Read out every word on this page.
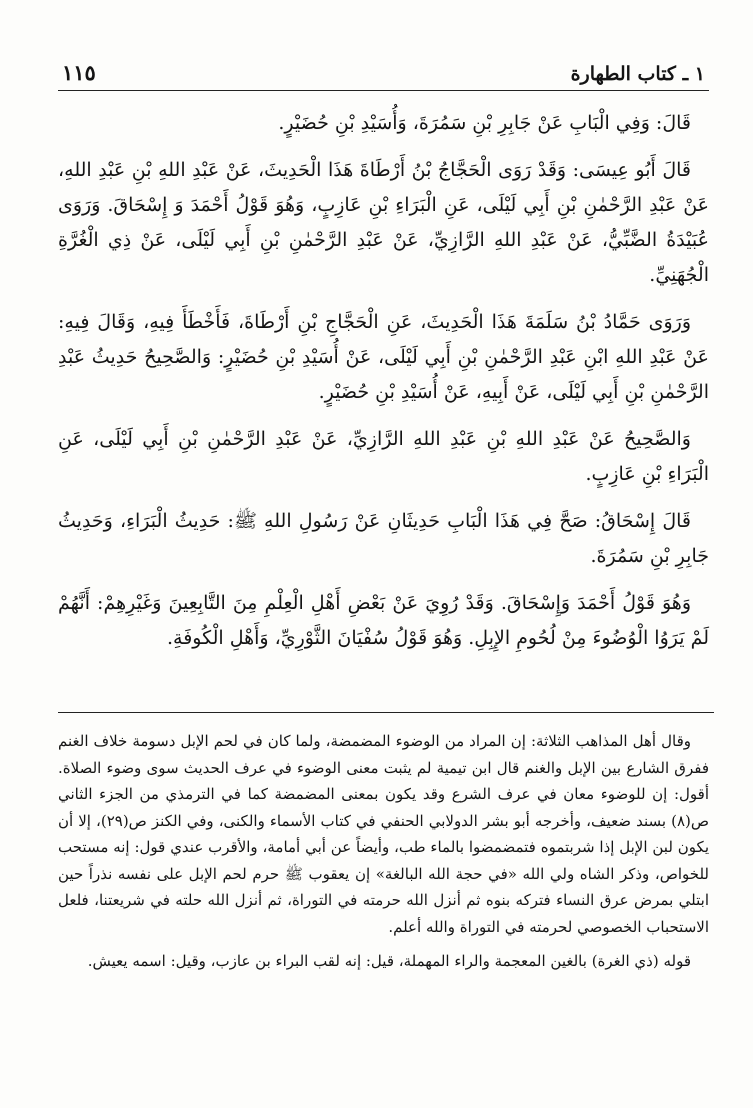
١١٥	١ ـ كتاب الطهارة

قَالَ: وَفِي الْبَابِ عَنْ جَابِرِ بْنِ سَمُرَةَ، وَأُسَيْدِ بْنِ حُضَيْرٍ.

قَالَ أَبُو عِيسَى: وَقَدْ رَوَى الْحَجَّاجُ بْنُ أَرْطَاةَ هَذَا الْحَدِيثَ، عَنْ عَبْدِ اللهِ بْنِ عَبْدِ اللهِ، عَنْ عَبْدِ الرَّحْمٰنِ بْنِ أَبِي لَيْلَى، عَنِ الْبَرَاءِ بْنِ عَازِبٍ، وَهُوَ قَوْلُ أَحْمَدَ وَ إِسْحَاقَ. وَرَوَى عُبَيْدَةُ الضَّبِّيُّ، عَنْ عَبْدِ اللهِ الرَّازِيِّ، عَنْ عَبْدِ الرَّحْمٰنِ بْنِ أَبِي لَيْلَى، عَنْ ذِي الْغُرَّةِ الْجُهَنِيِّ.

وَرَوَى حَمَّادُ بْنُ سَلَمَةَ هَذَا الْحَدِيثَ، عَنِ الْحَجَّاجِ بْنِ أَرْطَاةَ، فَأَخْطَأَ فِيهِ، وَقَالَ فِيهِ: عَنْ عَبْدِ اللهِ ابْنِ عَبْدِ الرَّحْمٰنِ بْنِ أَبِي لَيْلَى، عَنْ أُسَيْدِ بْنِ حُضَيْرٍ: وَالصَّحِيحُ حَدِيثُ عَبْدِ الرَّحْمٰنِ بْنِ أَبِي لَيْلَى، عَنْ أَبِيهِ، عَنْ أُسَيْدِ بْنِ حُضَيْرٍ.

وَالصَّحِيحُ عَنْ عَبْدِ اللهِ بْنِ عَبْدِ اللهِ الرَّازِيِّ، عَنْ عَبْدِ الرَّحْمٰنِ بْنِ أَبِي لَيْلَى، عَنِ الْبَرَاءِ بْنِ عَازِبٍ.

قَالَ إِسْحَاقُ: صَحَّ فِي هَذَا الْبَابِ حَدِيثَانِ عَنْ رَسُولِ اللهِ ﷺ: حَدِيثُ الْبَرَاءِ، وَحَدِيثُ جَابِرِ بْنِ سَمُرَةَ.

وَهُوَ قَوْلُ أَحْمَدَ وَإِسْحَاقَ. وَقَدْ رُوِيَ عَنْ بَعْضِ أَهْلِ الْعِلْمِ مِنَ التَّابِعِينَ وَغَيْرِهِمْ: أَنَّهُمْ لَمْ يَرَوُا الْوُضُوءَ مِنْ لُحُومِ الإِبِلِ. وَهُوَ قَوْلُ سُفْيَانَ الثَّوْرِيِّ، وَأَهْلِ الْكُوفَةِ.

وقال أهل المذاهب الثلاثة: إن المراد من الوضوء المضمضة، ولما كان في لحم الإبل دسومة خلاف الغنم ففرق الشارع بين الإبل والغنم قال ابن تيمية لم يثبت معنى الوضوء في عرف الحديث سوى وضوء الصلاة. أقول: إن للوضوء معان في عرف الشرع وقد يكون بمعنى المضمضة كما في الترمذي من الجزء الثاني ص(٨) بسند ضعيف، وأخرجه أبو بشر الدولابي الحنفي في كتاب الأسماء والكنى، وفي الكنز ص(٢٩)، إلا أن يكون لبن الإبل إذا شربتموه فتمضمضوا بالماء طب، وأيضاً عن أبي أمامة، والأقرب عندي قول: إنه مستحب للخواص، وذكر الشاه ولي الله «في حجة الله البالغة» إن يعقوب ﷺ حرم لحم الإبل على نفسه نذراً حين ابتلي بمرض عرق النساء فتركه بنوه ثم أنزل الله حرمته في التوراة، ثم أنزل الله حلته في شريعتنا، فلعل الاستحباب الخصوصي لحرمته في التوراة والله أعلم.

قوله (ذي الغرة) بالغين المعجمة والراء المهملة، قيل: إنه لقب البراء بن عازب، وقيل: اسمه يعيش.
